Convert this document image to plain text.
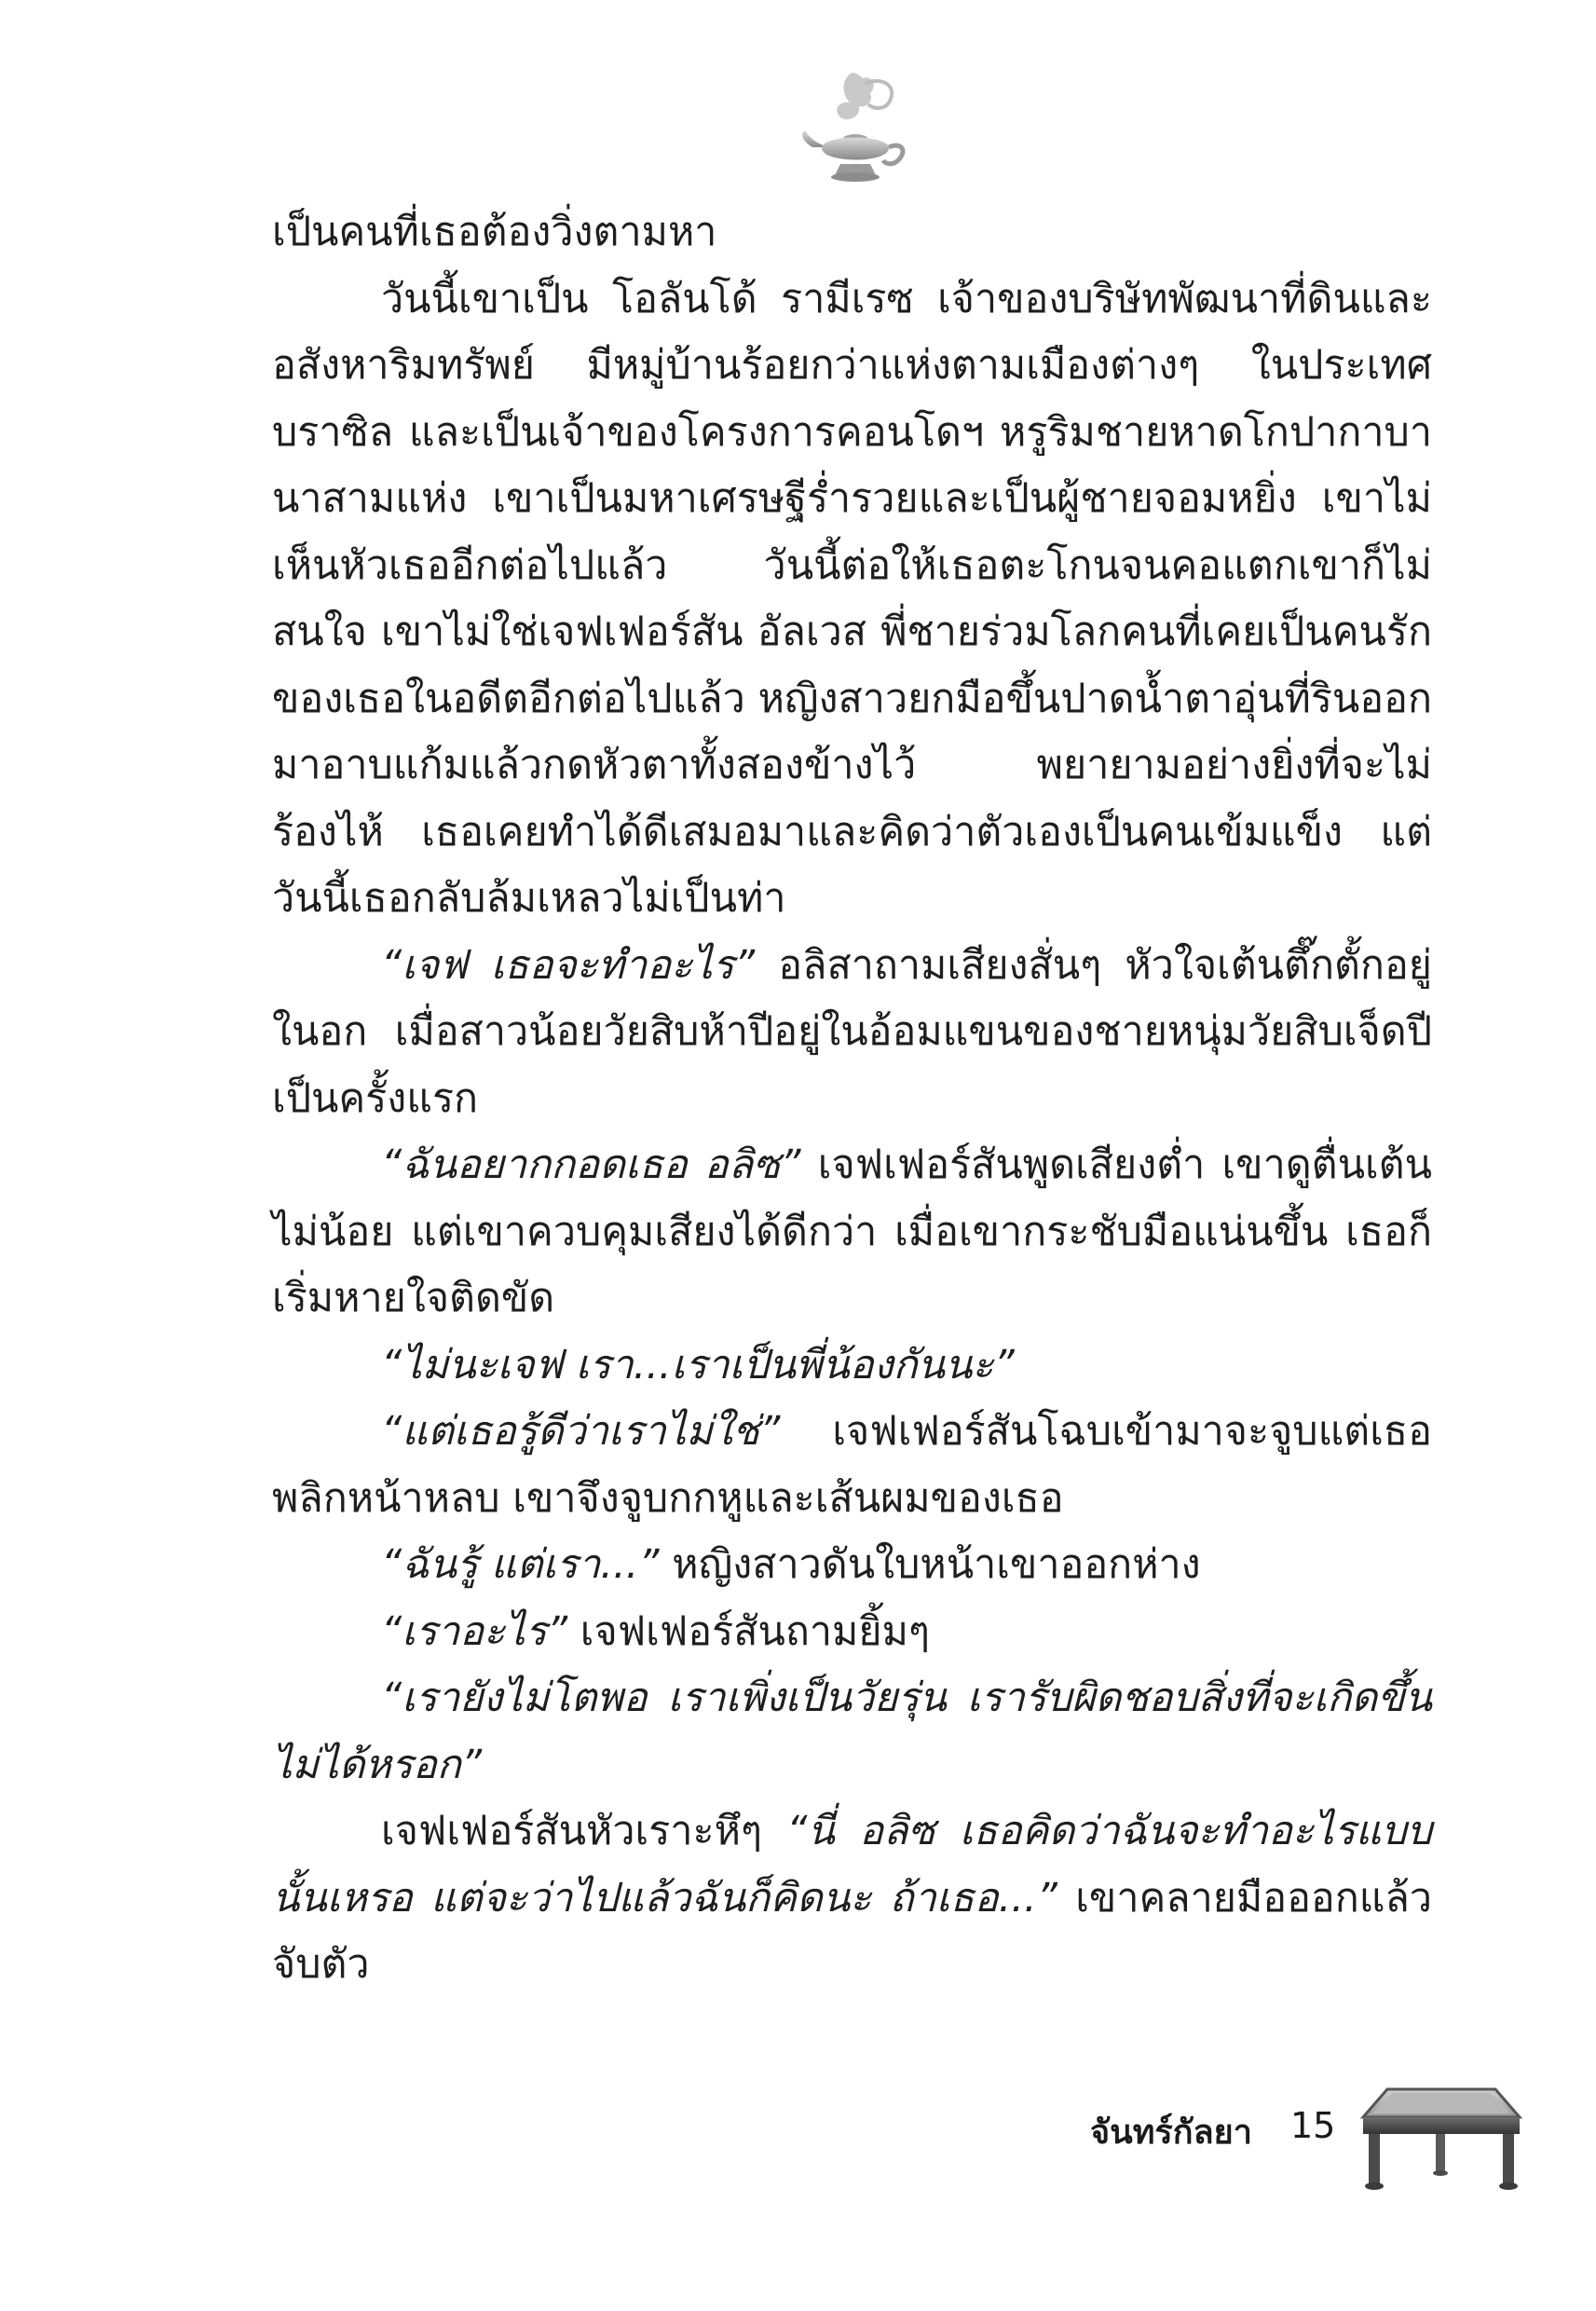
เป็นคนที่เธอต้องวิ่งตามหา

วันนี้เขาเป็น โอลันโด้ รามีเรซ เจ้าของบริษัทพัฒนาที่ดินและอสังหาริมทรัพย์ มีหมู่บ้านร้อยกว่าแห่งตามเมืองต่างๆ ในประเทศบราซิล และเป็นเจ้าของโครงการคอนโดฯ หรูริมชายหาดโกปากาบานาสามแห่ง เขาเป็นมหาเศรษฐีร่ำรวยและเป็นผู้ชายจอมหยิ่ง เขาไม่เห็นหัวเธออีกต่อไปแล้ว วันนี้ต่อให้เธอตะโกนจนคอแตกเขาก็ไม่สนใจ เขาไม่ใช่เจฟเฟอร์สัน อัลเวส พี่ชายร่วมโลกคนที่เคยเป็นคนรักของเธอในอดีตอีกต่อไปแล้ว หญิงสาวยกมือขึ้นปาดน้ำตาอุ่นที่รินออกมาอาบแก้มแล้วกดหัวตาทั้งสองข้างไว้ พยายามอย่างยิ่งที่จะไม่ร้องไห้ เธอเคยทำได้ดีเสมอมาและคิดว่าตัวเองเป็นคนเข้มแข็ง แต่วันนี้เธอกลับล้มเหลวไม่เป็นท่า

“เจฟ เธอจะทำอะไร” อลิสาถามเสียงสั่นๆ หัวใจเต้นตึ๊กตั้กอยู่ในอก เมื่อสาวน้อยวัยสิบห้าปีอยู่ในอ้อมแขนของชายหนุ่มวัยสิบเจ็ดปีเป็นครั้งแรก

“ฉันอยากกอดเธอ อลิซ” เจฟเฟอร์สันพูดเสียงต่ำ เขาดูตื่นเต้นไม่น้อย แต่เขาควบคุมเสียงได้ดีกว่า เมื่อเขากระชับมือแน่นขึ้น เธอก็เริ่มหายใจติดขัด

“ไม่นะเจฟ เรา...เราเป็นพี่น้องกันนะ”

“แต่เธอรู้ดีว่าเราไม่ใช่” เจฟเฟอร์สันโฉบเข้ามาจะจูบแต่เธอพลิกหน้าหลบ เขาจึงจูบกกหูและเส้นผมของเธอ

“ฉันรู้ แต่เรา...” หญิงสาวดันใบหน้าเขาออกห่าง

“เราอะไร” เจฟเฟอร์สันถามยิ้มๆ

“เรายังไม่โตพอ เราเพิ่งเป็นวัยรุ่น เรารับผิดชอบสิ่งที่จะเกิดขึ้นไม่ได้หรอก”

เจฟเฟอร์สันหัวเราะหึๆ “นี่ อลิซ เธอคิดว่าฉันจะทำอะไรแบบนั้นเหรอ แต่จะว่าไปแล้วฉันก็คิดนะ ถ้าเธอ...” เขาคลายมือออกแล้วจับตัว

จันทร์กัลยา 15
